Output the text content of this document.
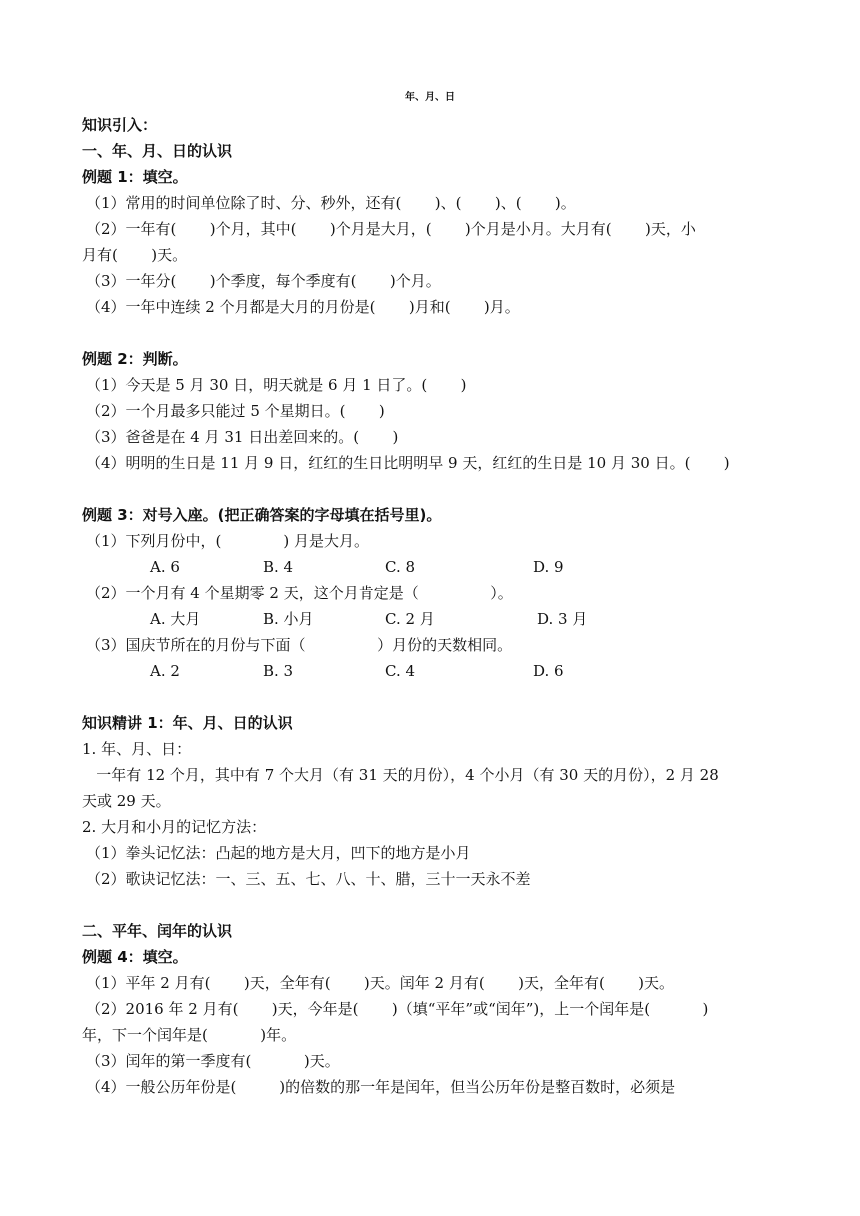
年、月、日
知识引入：
一、年、月、日的认识
例题 1：填空。
（1）常用的时间单位除了时、分、秒外，还有(       )、(       )、(       )。
（2）一年有(       )个月，其中(       )个月是大月，(       )个月是小月。大月有(       )天，小
月有(       )天。
（3）一年分(       )个季度，每个季度有(       )个月。
（4）一年中连续 2 个月都是大月的月份是(       )月和(       )月。
例题 2：判断。
（1）今天是 5 月 30 日，明天就是 6 月 1 日了。(       )
（2）一个月最多只能过 5 个星期日。(       )
（3）爸爸是在 4 月 31 日出差回来的。(       )
（4）明明的生日是 11 月 9 日，红红的生日比明明早 9 天，红红的生日是 10 月 30 日。(       )
例题 3：对号入座。(把正确答案的字母填在括号里)。
（1）下列月份中，(             ) 月是大月。
A. 6	B. 4	C. 8	D. 9
（2）一个月有 4 个星期零 2 天，这个月肯定是（               ）。
A. 大月	B. 小月	C. 2 月	D. 3 月
（3）国庆节所在的月份与下面（               ）月份的天数相同。
A. 2	B. 3	C. 4	D. 6
知识精讲 1：年、月、日的认识
1. 年、月、日：
一年有 12 个月，其中有 7 个大月（有 31 天的月份），4 个小月（有 30 天的月份），2 月 28
天或 29 天。
2. 大月和小月的记忆方法：
（1）拳头记忆法：凸起的地方是大月，凹下的地方是小月
（2）歌诀记忆法：一、三、五、七、八、十、腊，三十一天永不差
二、平年、闰年的认识
例题 4：填空。
（1）平年 2 月有(       )天，全年有(       )天。闰年 2 月有(       )天，全年有(       )天。
（2）2016 年 2 月有(       )天，今年是(       )（填“平年”或“闰年”)，上一个闰年是(           )
年，下一个闰年是(           )年。
（3）闰年的第一季度有(           )天。
（4）一般公历年份是(         )的倍数的那一年是闰年，但当公历年份是整百数时，必须是
